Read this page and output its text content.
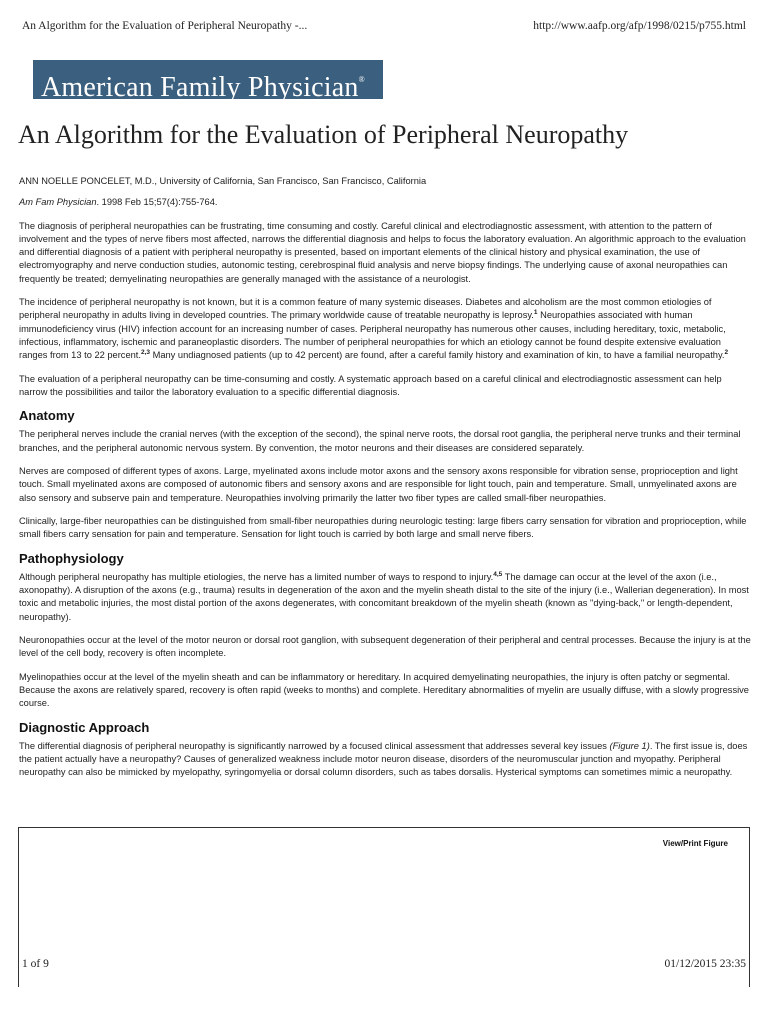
An Algorithm for the Evaluation of Peripheral Neuropathy -...	http://www.aafp.org/afp/1998/0215/p755.html
American Family Physician®
An Algorithm for the Evaluation of Peripheral Neuropathy

ANN NOELLE PONCELET, M.D., University of California, San Francisco, San Francisco, California

Am Fam Physician. 1998 Feb 15;57(4):755-764.

The diagnosis of peripheral neuropathies can be frustrating, time consuming and costly. Careful clinical and electrodiagnostic assessment, with attention to the pattern of involvement and the types of nerve fibers most affected, narrows the differential diagnosis and helps to focus the laboratory evaluation. An algorithmic approach to the evaluation and differential diagnosis of a patient with peripheral neuropathy is presented, based on important elements of the clinical history and physical examination, the use of electromyography and nerve conduction studies, autonomic testing, cerebrospinal fluid analysis and nerve biopsy findings. The underlying cause of axonal neuropathies can frequently be treated; demyelinating neuropathies are generally managed with the assistance of a neurologist.

The incidence of peripheral neuropathy is not known, but it is a common feature of many systemic diseases. Diabetes and alcoholism are the most common etiologies of peripheral neuropathy in adults living in developed countries. The primary worldwide cause of treatable neuropathy is leprosy.$^1$ Neuropathies associated with human immunodeficiency virus (HIV) infection account for an increasing number of cases. Peripheral neuropathy has numerous other causes, including hereditary, toxic, metabolic, infectious, inflammatory, ischemic and paraneoplastic disorders. The number of peripheral neuropathies for which an etiology cannot be found despite extensive evaluation ranges from 13 to 22 percent.$^{2,3}$ Many undiagnosed patients (up to 42 percent) are found, after a careful family history and examination of kin, to have a familial neuropathy.$^2$

The evaluation of a peripheral neuropathy can be time-consuming and costly. A systematic approach based on a careful clinical and electrodiagnostic assessment can help narrow the possibilities and tailor the laboratory evaluation to a specific differential diagnosis.

Anatomy

The peripheral nerves include the cranial nerves (with the exception of the second), the spinal nerve roots, the dorsal root ganglia, the peripheral nerve trunks and their terminal branches, and the peripheral autonomic nervous system. By convention, the motor neurons and their diseases are considered separately.

Nerves are composed of different types of axons. Large, myelinated axons include motor axons and the sensory axons responsible for vibration sense, proprioception and light touch. Small myelinated axons are composed of autonomic fibers and sensory axons and are responsible for light touch, pain and temperature. Small, unmyelinated axons are also sensory and subserve pain and temperature. Neuropathies involving primarily the latter two fiber types are called small-fiber neuropathies.

Clinically, large-fiber neuropathies can be distinguished from small-fiber neuropathies during neurologic testing: large fibers carry sensation for vibration and proprioception, while small fibers carry sensation for pain and temperature. Sensation for light touch is carried by both large and small nerve fibers.

Pathophysiology

Although peripheral neuropathy has multiple etiologies, the nerve has a limited number of ways to respond to injury.$^{4,5}$ The damage can occur at the level of the axon (i.e., axonopathy). A disruption of the axons (e.g., trauma) results in degeneration of the axon and the myelin sheath distal to the site of the injury (i.e., Wallerian degeneration). In most toxic and metabolic injuries, the most distal portion of the axons degenerates, with concomitant breakdown of the myelin sheath (known as "dying-back," or length-dependent, neuropathy).

Neuronopathies occur at the level of the motor neuron or dorsal root ganglion, with subsequent degeneration of their peripheral and central processes. Because the injury is at the level of the cell body, recovery is often incomplete.

Myelinopathies occur at the level of the myelin sheath and can be inflammatory or hereditary. In acquired demyelinating neuropathies, the injury is often patchy or segmental. Because the axons are relatively spared, recovery is often rapid (weeks to months) and complete. Hereditary abnormalities of myelin are usually diffuse, with a slowly progressive course.

Diagnostic Approach

The differential diagnosis of peripheral neuropathy is significantly narrowed by a focused clinical assessment that addresses several key issues (Figure 1). The first issue is, does the patient actually have a neuropathy? Causes of generalized weakness include motor neuron disease, disorders of the neuromuscular junction and myopathy. Peripheral neuropathy can also be mimicked by myelopathy, syringomyelia or dorsal column disorders, such as tabes dorsalis. Hysterical symptoms can sometimes mimic a neuropathy.

View/Print Figure
1 of 9	01/12/2015 23:35
